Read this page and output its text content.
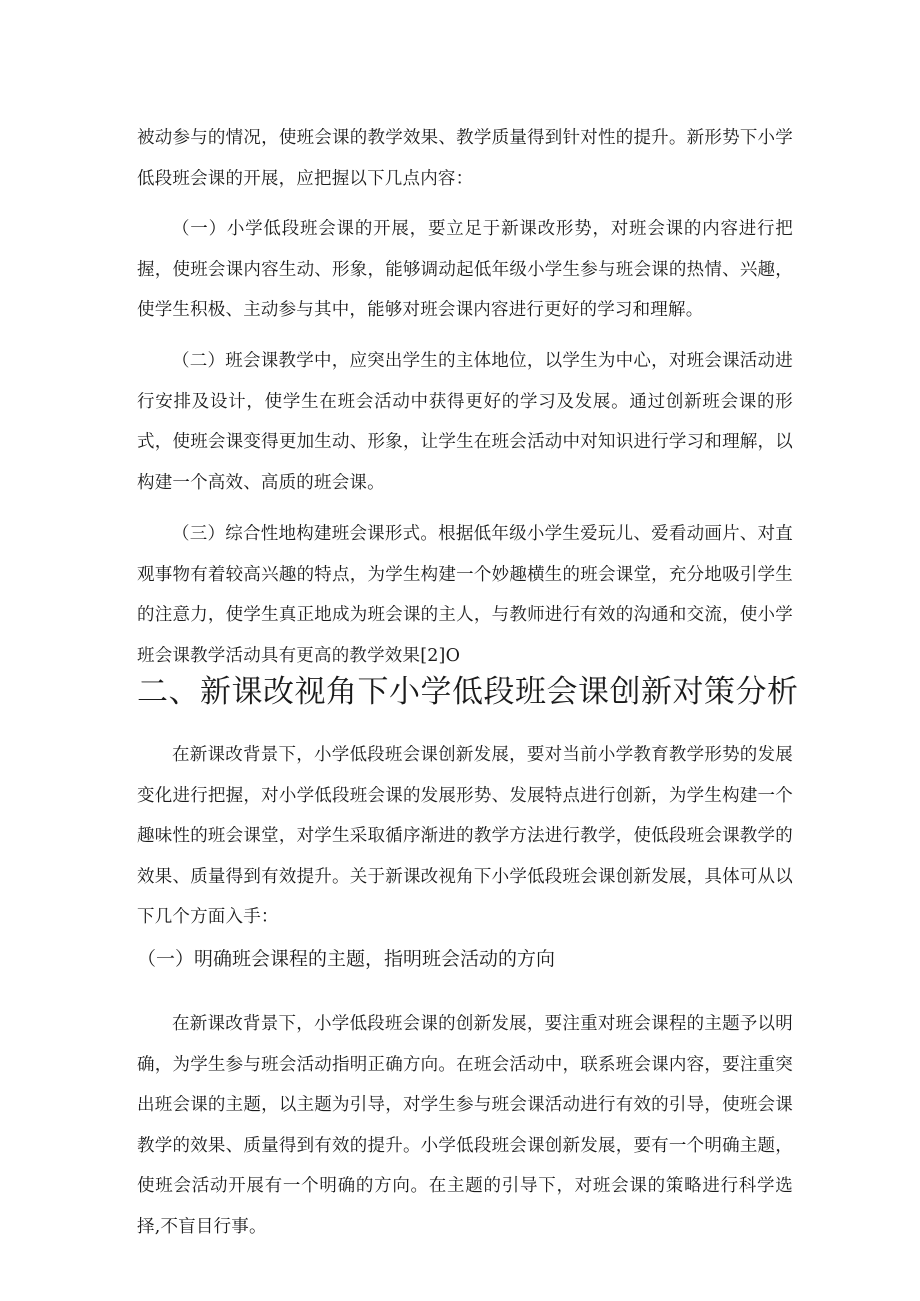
被动参与的情况，使班会课的教学效果、教学质量得到针对性的提升。新形势下小学低段班会课的开展，应把握以下几点内容：

（一）小学低段班会课的开展，要立足于新课改形势，对班会课的内容进行把握，使班会课内容生动、形象，能够调动起低年级小学生参与班会课的热情、兴趣，使学生积极、主动参与其中，能够对班会课内容进行更好的学习和理解。

（二）班会课教学中，应突出学生的主体地位，以学生为中心，对班会课活动进行安排及设计，使学生在班会活动中获得更好的学习及发展。通过创新班会课的形式，使班会课变得更加生动、形象，让学生在班会活动中对知识进行学习和理解，以构建一个高效、高质的班会课。

（三）综合性地构建班会课形式。根据低年级小学生爱玩儿、爱看动画片、对直观事物有着较高兴趣的特点，为学生构建一个妙趣横生的班会课堂，充分地吸引学生的注意力，使学生真正地成为班会课的主人，与教师进行有效的沟通和交流，使小学班会课教学活动具有更高的教学效果[2]O

二、新课改视角下小学低段班会课创新对策分析

在新课改背景下，小学低段班会课创新发展，要对当前小学教育教学形势的发展变化进行把握，对小学低段班会课的发展形势、发展特点进行创新，为学生构建一个趣味性的班会课堂，对学生采取循序渐进的教学方法进行教学，使低段班会课教学的效果、质量得到有效提升。关于新课改视角下小学低段班会课创新发展，具体可从以下几个方面入手：

（一）明确班会课程的主题，指明班会活动的方向

在新课改背景下，小学低段班会课的创新发展，要注重对班会课程的主题予以明确，为学生参与班会活动指明正确方向。在班会活动中，联系班会课内容，要注重突出班会课的主题，以主题为引导，对学生参与班会课活动进行有效的引导，使班会课教学的效果、质量得到有效的提升。小学低段班会课创新发展，要有一个明确主题，使班会活动开展有一个明确的方向。在主题的引导下，对班会课的策略进行科学选择,不盲目行事。
